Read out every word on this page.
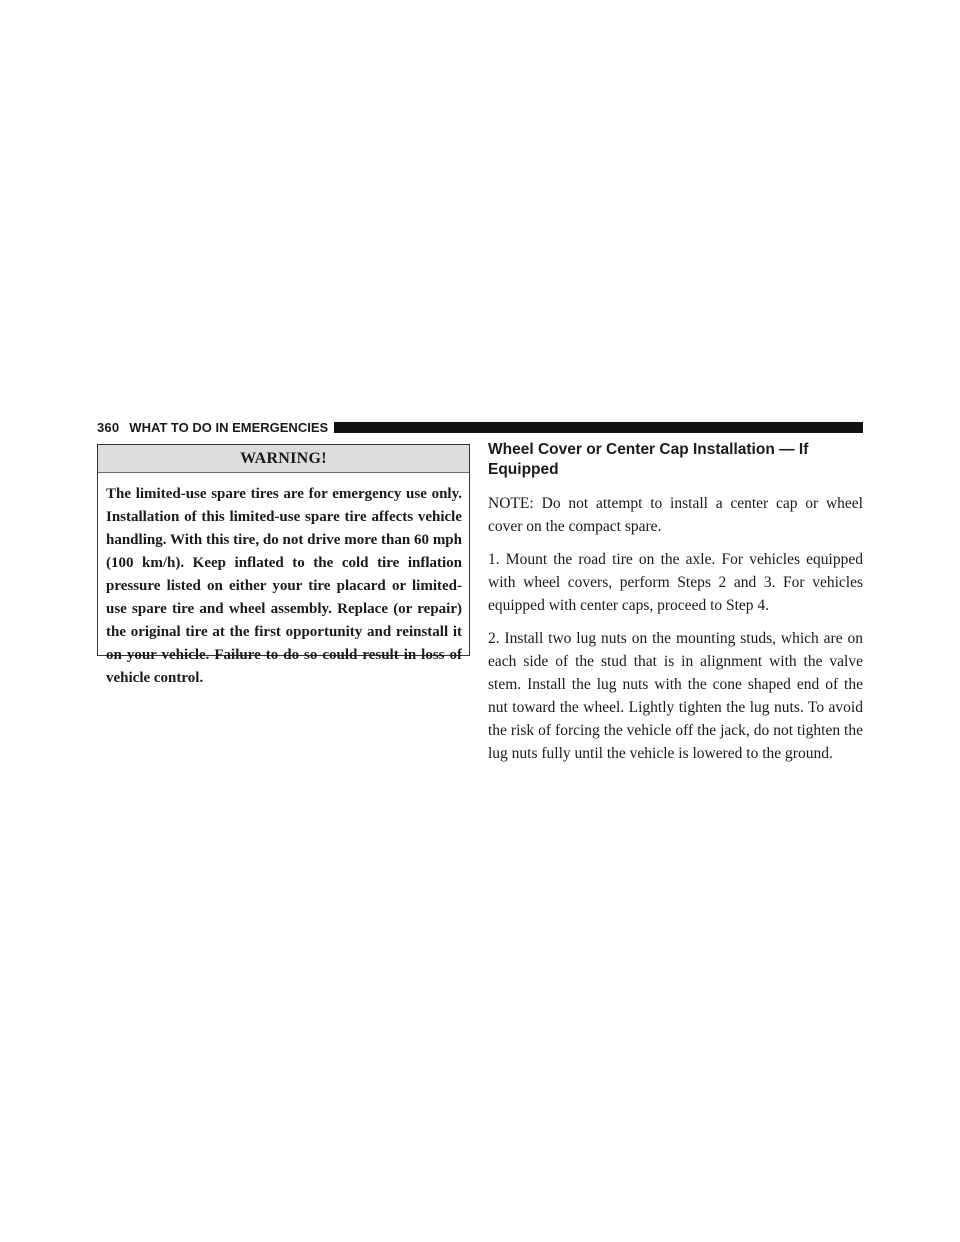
360 WHAT TO DO IN EMERGENCIES
WARNING!
The limited-use spare tires are for emergency use only. Installation of this limited-use spare tire affects vehicle handling. With this tire, do not drive more than 60 mph (100 km/h). Keep inflated to the cold tire inflation pressure listed on either your tire placard or limited-use spare tire and wheel assembly. Replace (or repair) the original tire at the first opportunity and reinstall it on your vehicle. Failure to do so could result in loss of vehicle control.
Wheel Cover or Center Cap Installation — If Equipped

NOTE: Do not attempt to install a center cap or wheel cover on the compact spare.

1. Mount the road tire on the axle. For vehicles equipped with wheel covers, perform Steps 2 and 3. For vehicles equipped with center caps, proceed to Step 4.

2. Install two lug nuts on the mounting studs, which are on each side of the stud that is in alignment with the valve stem. Install the lug nuts with the cone shaped end of the nut toward the wheel. Lightly tighten the lug nuts. To avoid the risk of forcing the vehicle off the jack, do not tighten the lug nuts fully until the vehicle is lowered to the ground.
